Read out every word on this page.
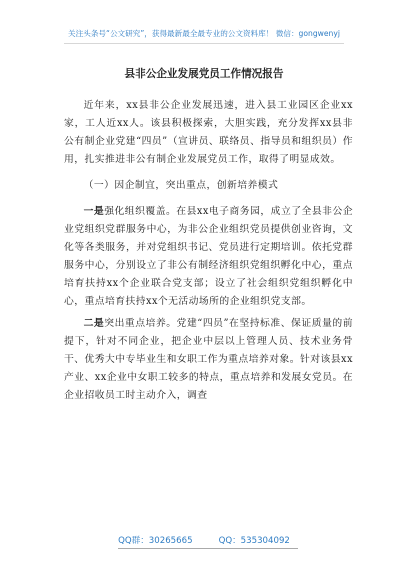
关注头条号“公文研究”，获得最新最全最专业的公文资料库！ 微信：gongwenyj
县非公企业发展党员工作情况报告

近年来，xx县非公企业发展迅速，进入县工业园区企业xx家，工人近xx人。该县积极探索，大胆实践，充分发挥xx县非公有制企业党建“四员”（宣讲员、联络员、指导员和组织员）作用，扎实推进非公有制企业发展党员工作，取得了明显成效。

（一）因企制宜，突出重点，创新培养模式

一是强化组织覆盖。在县xx电子商务园，成立了全县非公企业党组织党群服务中心，为非公企业组织党员提供创业咨询，文化等各类服务，并对党组织书记、党员进行定期培训。依托党群服务中心，分别设立了非公有制经济组织党组织孵化中心，重点培育扶持xx个企业联合党支部；设立了社会组织党组织孵化中心，重点培育扶持xx个无活动场所的企业组织党支部。

二是突出重点培养。党建“四员”在坚持标准、保证质量的前提下，针对不同企业，把企业中层以上管理人员、技术业务骨干、优秀大中专毕业生和女职工作为重点培养对象。针对该县xx产业、xx企业中女职工较多的特点，重点培养和发展女党员。在企业招收员工时主动介入，调查

QQ群：30265665	QQ：535304092
